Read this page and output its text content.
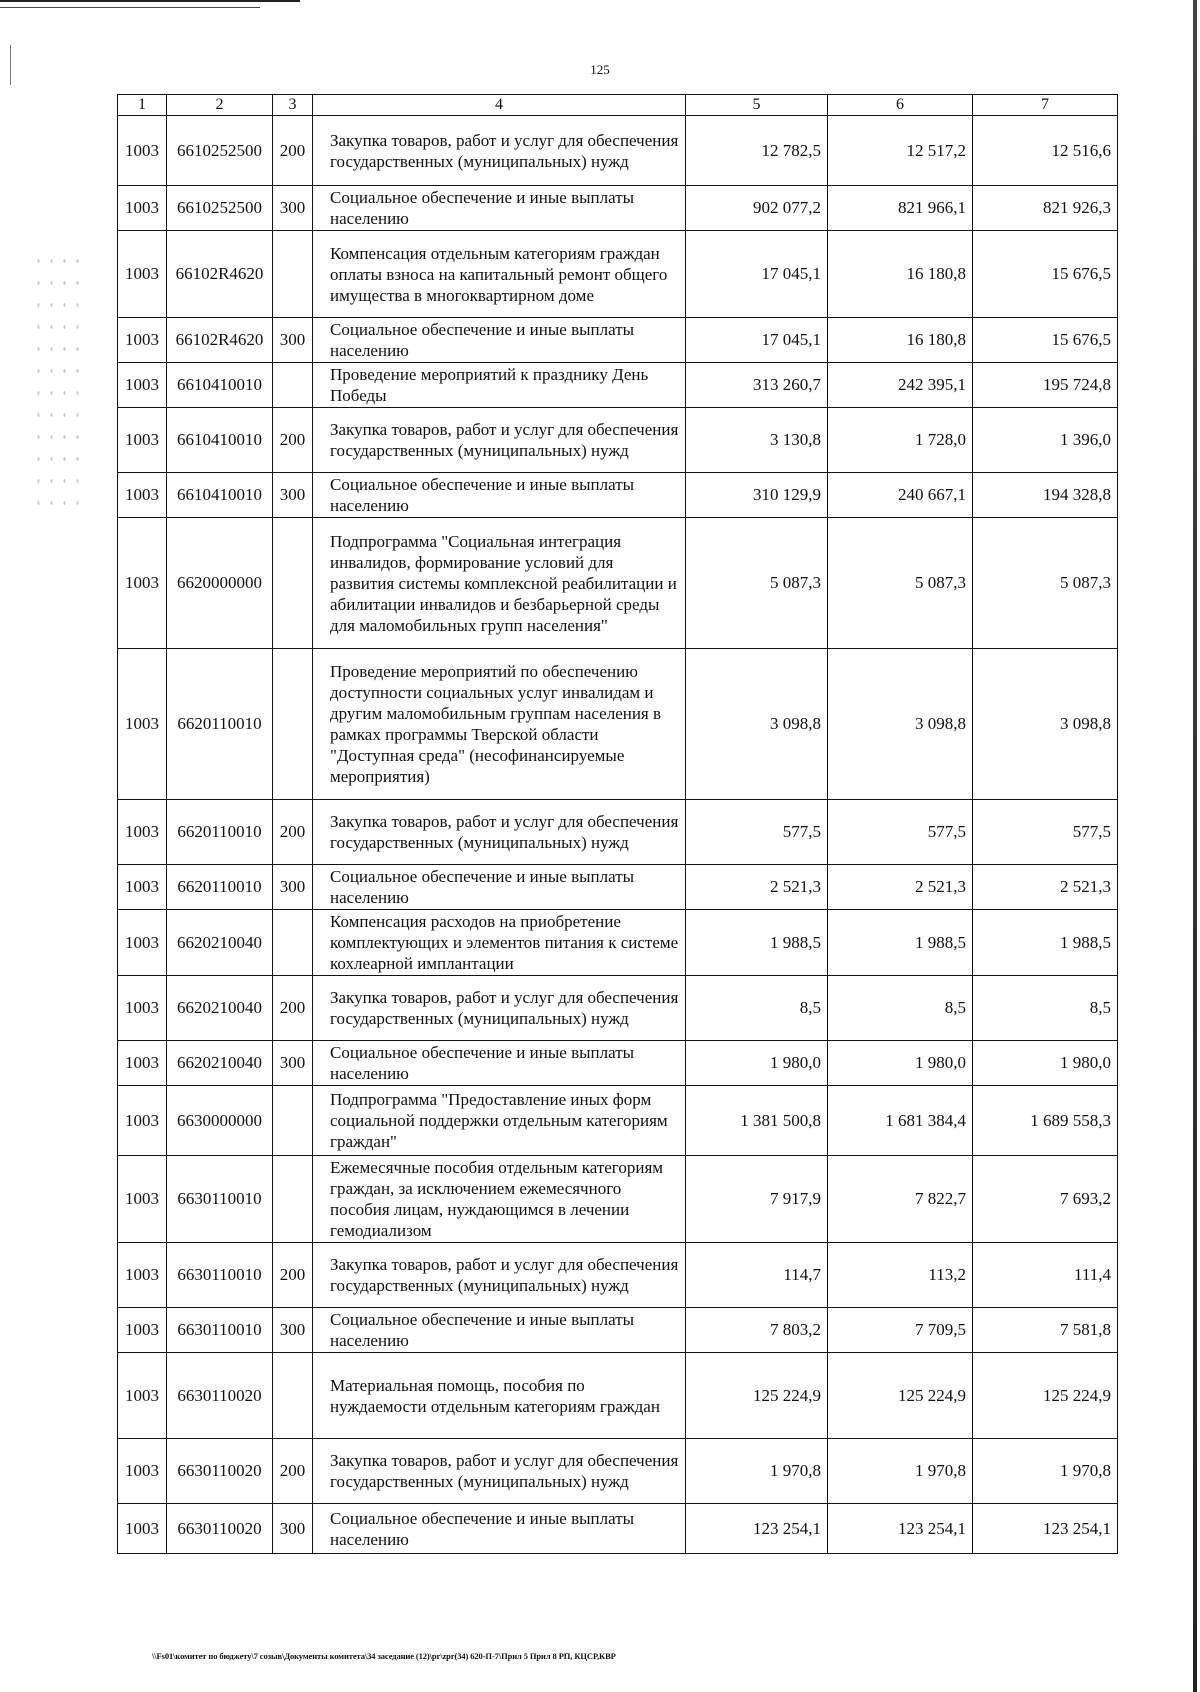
125
1	2	3	4	5	6	7
1003	6610252500	200	Закупка товаров, работ и услуг для обеспечения государственных (муниципальных) нужд	12 782,5	12 517,2	12 516,6
1003	6610252500	300	Социальное обеспечение и иные выплаты населению	902 077,2	821 966,1	821 926,3
1003	66102R4620		Компенсация отдельным категориям граждан оплаты взноса на капитальный ремонт общего имущества в многоквартирном доме	17 045,1	16 180,8	15 676,5
1003	66102R4620	300	Социальное обеспечение и иные выплаты населению	17 045,1	16 180,8	15 676,5
1003	6610410010		Проведение мероприятий к празднику День Победы	313 260,7	242 395,1	195 724,8
1003	6610410010	200	Закупка товаров, работ и услуг для обеспечения государственных (муниципальных) нужд	3 130,8	1 728,0	1 396,0
1003	6610410010	300	Социальное обеспечение и иные выплаты населению	310 129,9	240 667,1	194 328,8
1003	6620000000		Подпрограмма "Социальная интеграция инвалидов, формирование условий для развития системы комплексной реабилитации и абилитации инвалидов и безбарьерной среды для маломобильных групп населения"	5 087,3	5 087,3	5 087,3
1003	6620110010		Проведение мероприятий по обеспечению доступности социальных услуг инвалидам и другим маломобильным группам населения в рамках программы Тверской области "Доступная среда" (несофинансируемые мероприятия)	3 098,8	3 098,8	3 098,8
1003	6620110010	200	Закупка товаров, работ и услуг для обеспечения государственных (муниципальных) нужд	577,5	577,5	577,5
1003	6620110010	300	Социальное обеспечение и иные выплаты населению	2 521,3	2 521,3	2 521,3
1003	6620210040		Компенсация расходов на приобретение комплектующих и элементов питания к системе кохлеарной имплантации	1 988,5	1 988,5	1 988,5
1003	6620210040	200	Закупка товаров, работ и услуг для обеспечения государственных (муниципальных) нужд	8,5	8,5	8,5
1003	6620210040	300	Социальное обеспечение и иные выплаты населению	1 980,0	1 980,0	1 980,0
1003	6630000000		Подпрограмма "Предоставление иных форм социальной поддержки отдельным категориям граждан"	1 381 500,8	1 681 384,4	1 689 558,3
1003	6630110010		Ежемесячные пособия отдельным категориям граждан, за исключением ежемесячного пособия лицам, нуждающимся в лечении гемодиализом	7 917,9	7 822,7	7 693,2
1003	6630110010	200	Закупка товаров, работ и услуг для обеспечения государственных (муниципальных) нужд	114,7	113,2	111,4
1003	6630110010	300	Социальное обеспечение и иные выплаты населению	7 803,2	7 709,5	7 581,8
1003	6630110020		Материальная помощь, пособия по нуждаемости отдельным категориям граждан	125 224,9	125 224,9	125 224,9
1003	6630110020	200	Закупка товаров, работ и услуг для обеспечения государственных (муниципальных) нужд	1 970,8	1 970,8	1 970,8
1003	6630110020	300	Социальное обеспечение и иные выплаты населению	123 254,1	123 254,1	123 254,1
\\Fs01\комитет по бюджету\7 созыв\Документы комитета\34 заседание (12)\pr\zpr(34) 620-П-7\Прил 5 Прил 8 РП, КЦСР,КВР
